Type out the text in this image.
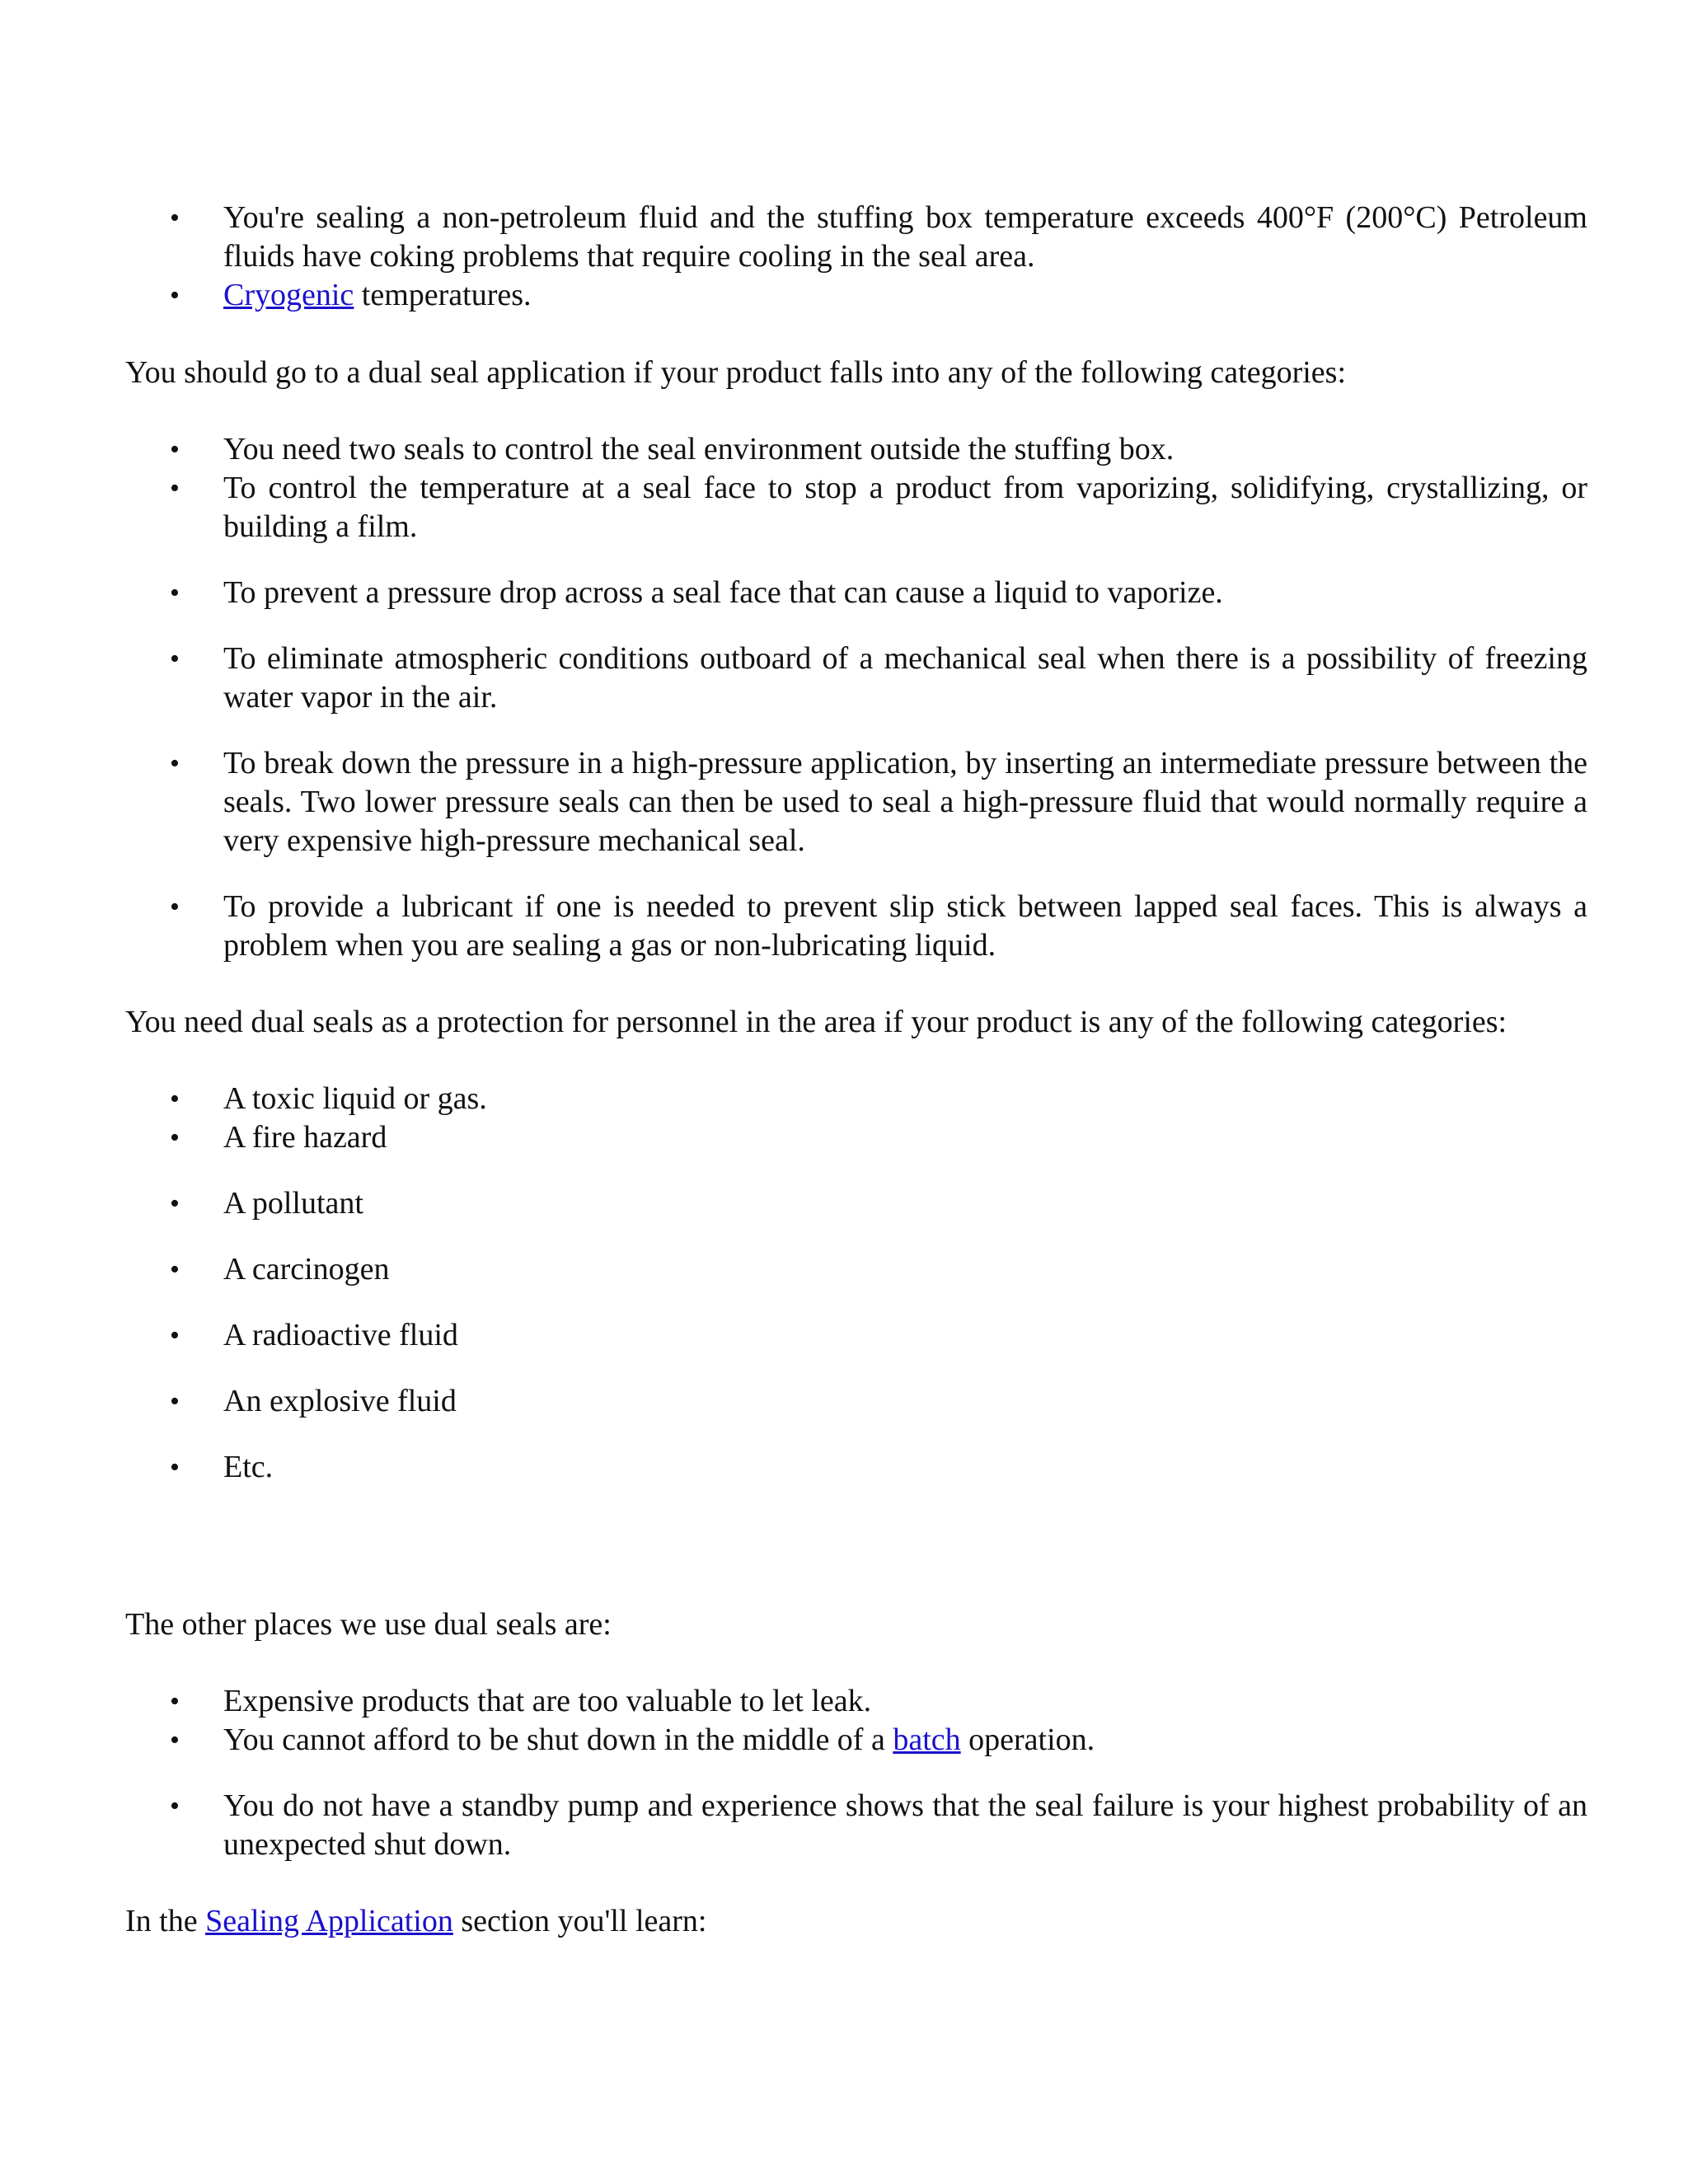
• You're sealing a non-petroleum fluid and the stuffing box temperature exceeds 400°F (200°C) Petroleum fluids have coking problems that require cooling in the seal area.
• Cryogenic temperatures.

You should go to a dual seal application if your product falls into any of the following categories:

• You need two seals to control the seal environment outside the stuffing box.
• To control the temperature at a seal face to stop a product from vaporizing, solidifying, crystallizing, or building a film.
• To prevent a pressure drop across a seal face that can cause a liquid to vaporize.
• To eliminate atmospheric conditions outboard of a mechanical seal when there is a possibility of freezing water vapor in the air.
• To break down the pressure in a high-pressure application, by inserting an intermediate pressure between the seals. Two lower pressure seals can then be used to seal a high-pressure fluid that would normally require a very expensive high-pressure mechanical seal.
• To provide a lubricant if one is needed to prevent slip stick between lapped seal faces. This is always a problem when you are sealing a gas or non-lubricating liquid.

You need dual seals as a protection for personnel in the area if your product is any of the following categories:

• A toxic liquid or gas.
• A fire hazard
• A pollutant
• A carcinogen
• A radioactive fluid
• An explosive fluid
• Etc.

The other places we use dual seals are:

• Expensive products that are too valuable to let leak.
• You cannot afford to be shut down in the middle of a batch operation.
• You do not have a standby pump and experience shows that the seal failure is your highest probability of an unexpected shut down.

In the Sealing Application section you'll learn:
